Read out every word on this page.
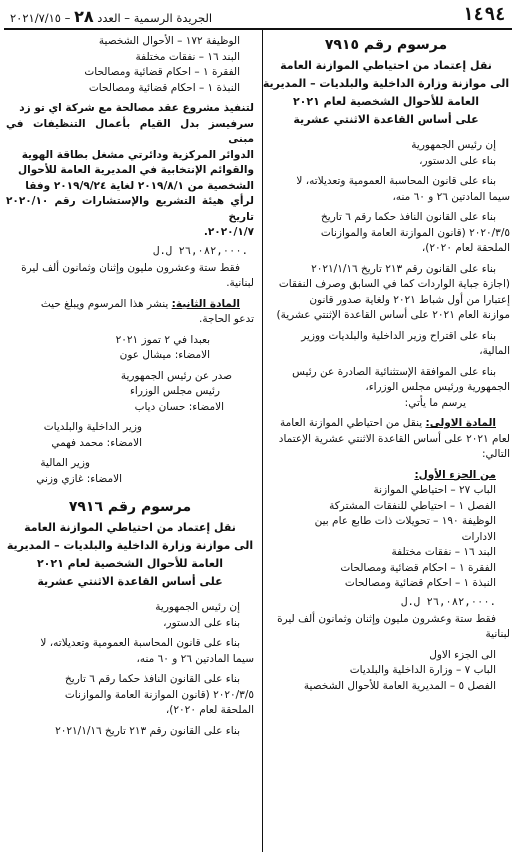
١٤٩٤
الجريدة الرسمية – العدد ٢٨ – ٢٠٢١/٧/١٥
مرسوم رقم ٧٩١٥

نقل إعتماد من احتياطي الموازنة العامة

الى موازنة وزارة الداخلية والبلديات – المديرية

العامة للأحوال الشخصية لعام ٢٠٢١

على أساس القاعدة الاثنتي عشرية

إن رئيس الجمهورية

بناء على الدستور،

بناء على قانون المحاسبة العمومية وتعديلاته، لا

سيما المادتين ٢٦ و ٦٠ منه،

بناء على القانون النافذ حكما رقم ٦ تاريخ

٢٠٢٠/٣/٥ (قانون الموازنة العامة والموازنات

الملحقة لعام ٢٠٢٠)،

بناء على القانون رقم ٢١٣ تاريخ ٢٠٢١/١/١٦

(اجازة جباية الواردات كما في السابق وصرف النفقات

إعتبارا من أول شباط ٢٠٢١ ولغاية صدور قانون

موازنة العام ٢٠٢١ على أساس القاعدة الإثنتي عشرية)

بناء على اقتراح وزير الداخلية والبلديات ووزير

المالية،

بناء على الموافقة الإستثنائية الصادرة عن رئيس

الجمهورية ورئيس مجلس الوزراء،

يرسم ما يأتي:

المادة الاولى: ينقل من احتياطي الموازنة العامة

لعام ٢٠٢١ على أساس القاعدة الاثنتي عشرية الإعتماد

التالي:

من الجزء الأول:

الباب ٢٧ – احتياطي الموازنة

الفصل ١ – احتياطي للنفقات المشتركة

الوظيفة ١٩٠ – تحويلات ذات طابع عام بين

الادارات

البند ١٦ – نفقات مختلفة

الفقرة ١ – احكام قضائية ومصالحات

النبذة ١ – احكام قضائية ومصالحات

٢٦,٠٨٢,٠٠٠ ل.ل.

فقط ستة وعشرون مليون وإثنان وثمانون ألف ليرة

لبنانية

الى الجزء الاول

الباب ٧ – وزارة الداخلية والبلديات

الفصل ٥ – المديرية العامة للأحوال الشخصية

الوظيفة ١٧٢ – الأحوال الشخصية

البند ١٦ – نفقات مختلفة

الفقرة ١ – احكام قضائية ومصالحات

النبذة ١ – احكام قضائية ومصالحات

لتنفيذ مشروع عقد مصالحة مع شركة اي تو زد

سرفيسز بدل القيام بأعمال التنظيفات في مبنى

الدوائر المركزية ودائرتي مشغل بطاقة الهوية

والقوائم الإنتخابية في المديرية العامة للأحوال

الشخصية من ٢٠١٩/٨/١ لغاية ٢٠١٩/٩/٢٤ وفقا

لرأي هيئة التشريع والإستشارات رقم ٢٠٢٠/١٠ تاريخ

٢٠٢٠/١/٧.

٢٦,٠٨٢,٠٠٠ ل.ل.

فقط ستة وعشرون مليون وإثنان وثمانون ألف ليرة

لبنانية.

المادة الثانية: ينشر هذا المرسوم ويبلغ حيث

تدعو الحاجة.

بعبدا في ٢ تموز ٢٠٢١

الامضاء: ميشال عون

صدر عن رئيس الجمهورية

رئيس مجلس الوزراء

الامضاء: حسان دياب

وزير الداخلية والبلديات

الامضاء: محمد فهمي

وزير المالية

الامضاء: غازي وزني

مرسوم رقم ٧٩١٦

نقل إعتماد من احتياطي الموازنة العامة

الى موازنة وزارة الداخلية والبلديات – المديرية

العامة للأحوال الشخصية لعام ٢٠٢١

على أساس القاعدة الاثنتي عشرية

إن رئيس الجمهورية

بناء على الدستور،

بناء على قانون المحاسبة العمومية وتعديلاته، لا

سيما المادتين ٢٦ و ٦٠ منه،

بناء على القانون النافذ حكما رقم ٦ تاريخ

٢٠٢٠/٣/٥ (قانون الموازنة العامة والموازنات

الملحقة لعام ٢٠٢٠)،

بناء على القانون رقم ٢١٣ تاريخ ٢٠٢١/١/١٦
